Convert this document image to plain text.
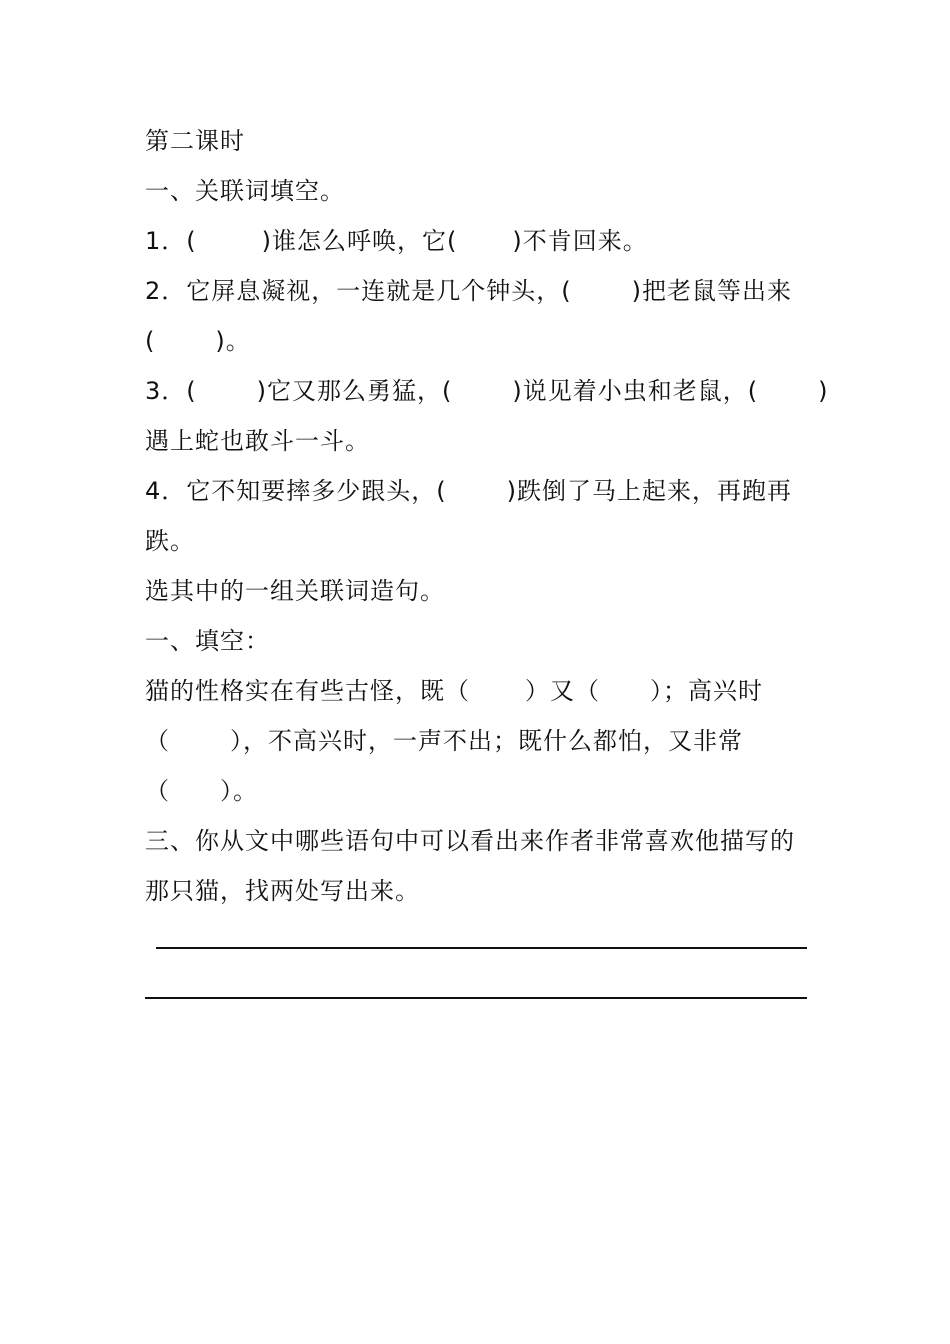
第二课时
一、关联词填空。
1．(	)谁怎么呼唤，它( )不肯回来。
2．它屏息凝视，一连就是几个钟头，(	)把老鼠等出来
(	)。
3．(	)它又那么勇猛，(	)说见着小虫和老鼠，(	)
遇上蛇也敢斗一斗。
4．它不知要摔多少跟头，(	)跌倒了马上起来，再跑再
跌。
选其中的一组关联词造句。
一、填空：
猫的性格实在有些古怪，既（ ）又（ ）；高兴时
（	），不高兴时，一声不出；既什么都怕，又非常
（ ）。
三、你从文中哪些语句中可以看出来作者非常喜欢他描写的
那只猫，找两处写出来。
